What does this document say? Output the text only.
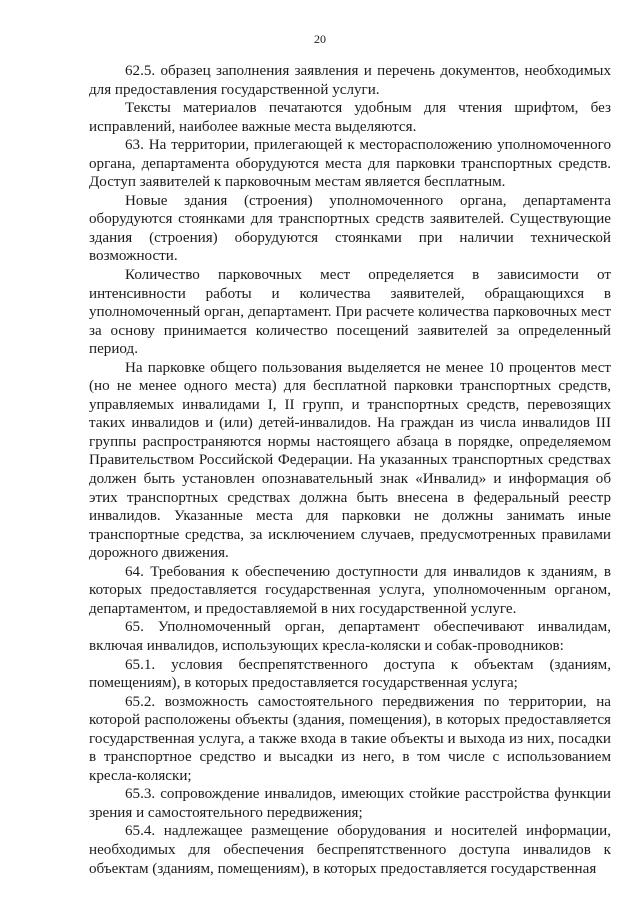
20

62.5. образец заполнения заявления и перечень документов, необходимых для предоставления государственной услуги.

Тексты материалов печатаются удобным для чтения шрифтом, без исправлений, наиболее важные места выделяются.

63. На территории, прилегающей к месторасположению уполномоченного органа, департамента оборудуются места для парковки транспортных средств. Доступ заявителей к парковочным местам является бесплатным.

Новые здания (строения) уполномоченного органа, департамента оборудуются стоянками для транспортных средств заявителей. Существующие здания (строения) оборудуются стоянками при наличии технической возможности.

Количество парковочных мест определяется в зависимости от интенсивности работы и количества заявителей, обращающихся в уполномоченный орган, департамент. При расчете количества парковочных мест за основу принимается количество посещений заявителей за определенный период.

На парковке общего пользования выделяется не менее 10 процентов мест (но не менее одного места) для бесплатной парковки транспортных средств, управляемых инвалидами I, II групп, и транспортных средств, перевозящих таких инвалидов и (или) детей-инвалидов. На граждан из числа инвалидов III группы распространяются нормы настоящего абзаца в порядке, определяемом Правительством Российской Федерации. На указанных транспортных средствах должен быть установлен опознавательный знак «Инвалид» и информация об этих транспортных средствах должна быть внесена в федеральный реестр инвалидов. Указанные места для парковки не должны занимать иные транспортные средства, за исключением случаев, предусмотренных правилами дорожного движения.

64. Требования к обеспечению доступности для инвалидов к зданиям, в которых предоставляется государственная услуга, уполномоченным органом, департаментом, и предоставляемой в них государственной услуге.

65. Уполномоченный орган, департамент обеспечивают инвалидам, включая инвалидов, использующих кресла-коляски и собак-проводников:

65.1. условия беспрепятственного доступа к объектам (зданиям, помещениям), в которых предоставляется государственная услуга;

65.2. возможность самостоятельного передвижения по территории, на которой расположены объекты (здания, помещения), в которых предоставляется государственная услуга, а также входа в такие объекты и выхода из них, посадки в транспортное средство и высадки из него, в том числе с использованием кресла-коляски;

65.3. сопровождение инвалидов, имеющих стойкие расстройства функции зрения и самостоятельного передвижения;

65.4. надлежащее размещение оборудования и носителей информации, необходимых для обеспечения беспрепятственного доступа инвалидов к объектам (зданиям, помещениям), в которых предоставляется государственная
